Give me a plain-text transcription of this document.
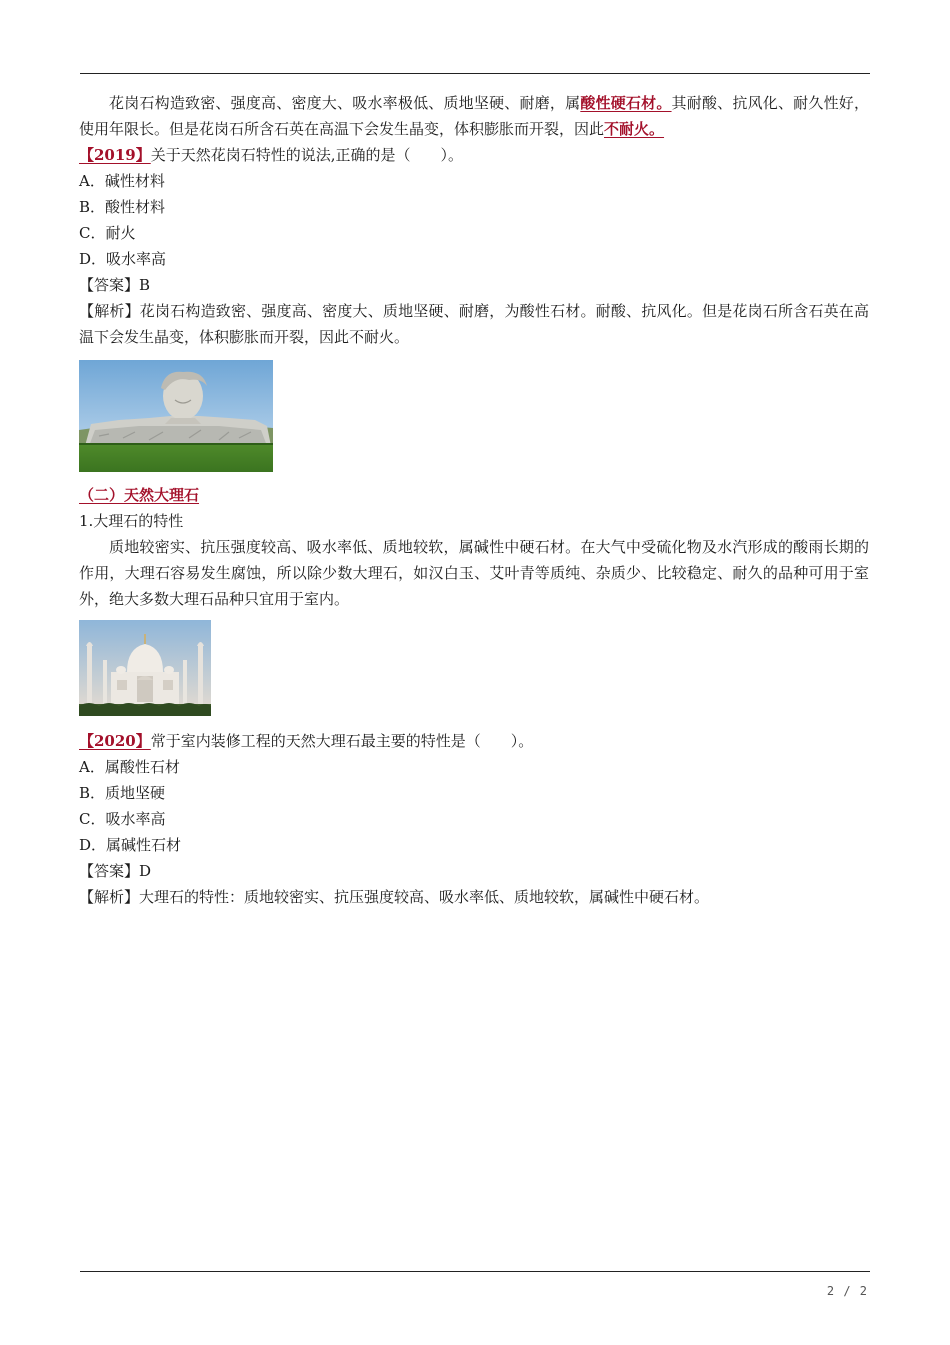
花岗石构造致密、强度高、密度大、吸水率极低、质地坚硬、耐磨，属酸性硬石材。其耐酸、抗风化、耐久性好，使用年限长。但是花岗石所含石英在高温下会发生晶变，体积膨胀而开裂，因此不耐火。
【2019】关于天然花岗石特性的说法,正确的是（　　）。
A．碱性材料
B．酸性材料
C．耐火
D．吸水率高
【答案】B
【解析】花岗石构造致密、强度高、密度大、质地坚硬、耐磨，为酸性石材。耐酸、抗风化。但是花岗石所含石英在高温下会发生晶变，体积膨胀而开裂，因此不耐火。
（二）天然大理石
1.大理石的特性
质地较密实、抗压强度较高、吸水率低、质地较软，属碱性中硬石材。在大气中受硫化物及水汽形成的酸雨长期的作用，大理石容易发生腐蚀，所以除少数大理石，如汉白玉、艾叶青等质纯、杂质少、比较稳定、耐久的品种可用于室外，绝大多数大理石品种只宜用于室内。
【2020】常于室内装修工程的天然大理石最主要的特性是（　　）。
A．属酸性石材
B．质地坚硬
C．吸水率高
D．属碱性石材
【答案】D
【解析】大理石的特性：质地较密实、抗压强度较高、吸水率低、质地较软，属碱性中硬石材。
2 / 2
